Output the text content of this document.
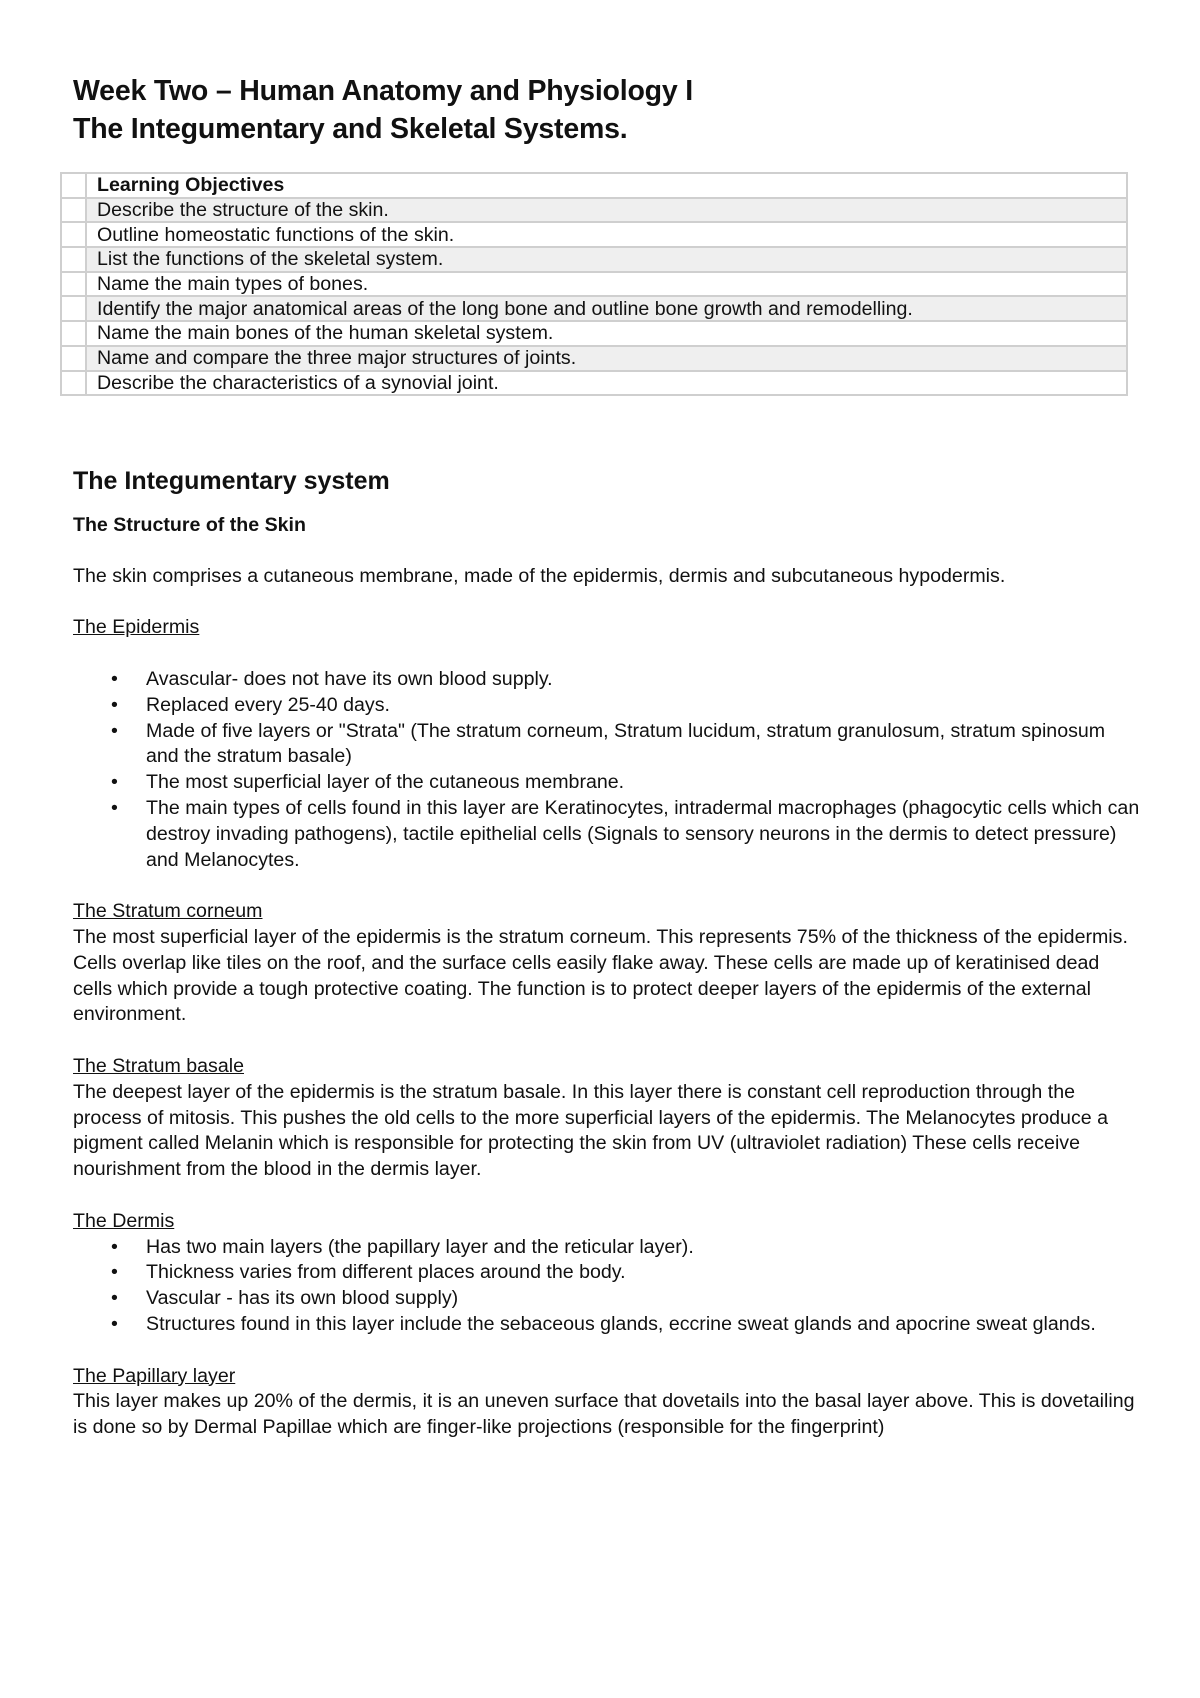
Week Two – Human Anatomy and Physiology I

The Integumentary and Skeletal Systems.

	Learning Objectives
	Describe the structure of the skin.
	Outline homeostatic functions of the skin.
	List the functions of the skeletal system.
	Name the main types of bones.
	Identify the major anatomical areas of the long bone and outline bone growth and remodelling.
	Name the main bones of the human skeletal system.
	Name and compare the three major structures of joints.
	Describe the characteristics of a synovial joint.
The Integumentary system
The Structure of the Skin

The skin comprises a cutaneous membrane, made of the epidermis, dermis and subcutaneous hypodermis.

The Epidermis

• Avascular- does not have its own blood supply.
• Replaced every 25-40 days.
• Made of five layers or "Strata" (The stratum corneum, Stratum lucidum, stratum granulosum, stratum spinosum and the stratum basale)
• The most superficial layer of the cutaneous membrane.
• The main types of cells found in this layer are Keratinocytes, intradermal macrophages (phagocytic cells which can destroy invading pathogens), tactile epithelial cells (Signals to sensory neurons in the dermis to detect pressure) and Melanocytes.

The Stratum corneum

The most superficial layer of the epidermis is the stratum corneum. This represents 75% of the thickness of the epidermis. Cells overlap like tiles on the roof, and the surface cells easily flake away. These cells are made up of keratinised dead cells which provide a tough protective coating. The function is to protect deeper layers of the epidermis of the external environment.

The Stratum basale

The deepest layer of the epidermis is the stratum basale. In this layer there is constant cell reproduction through the process of mitosis. This pushes the old cells to the more superficial layers of the epidermis. The Melanocytes produce a pigment called Melanin which is responsible for protecting the skin from UV (ultraviolet radiation) These cells receive nourishment from the blood in the dermis layer.

The Dermis

• Has two main layers (the papillary layer and the reticular layer).
• Thickness varies from different places around the body.
• Vascular - has its own blood supply)
• Structures found in this layer include the sebaceous glands, eccrine sweat glands and apocrine sweat glands.

The Papillary layer

This layer makes up 20% of the dermis, it is an uneven surface that dovetails into the basal layer above. This is dovetailing is done so by Dermal Papillae which are finger-like projections (responsible for the fingerprint)
